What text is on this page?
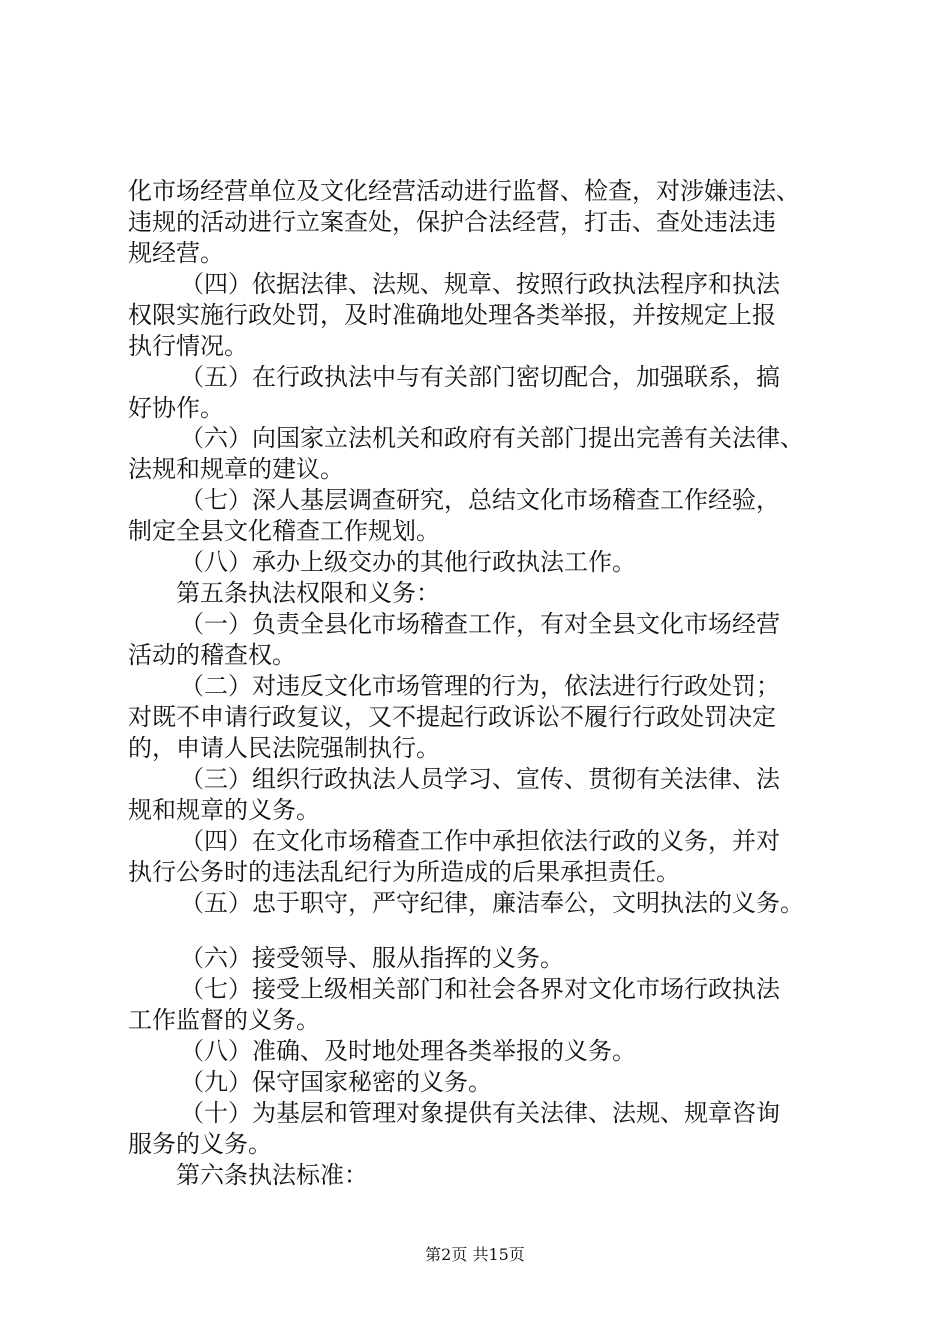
化市场经营单位及文化经营活动进行监督、检查，对涉嫌违法、
违规的活动进行立案查处，保护合法经营，打击、查处违法违
规经营。
（四）依据法律、法规、规章、按照行政执法程序和执法
权限实施行政处罚，及时准确地处理各类举报，并按规定上报
执行情况。
（五）在行政执法中与有关部门密切配合，加强联系，搞
好协作。
（六）向国家立法机关和政府有关部门提出完善有关法律、
法规和规章的建议。
（七）深人基层调查研究，总结文化市场稽查工作经验，
制定全县文化稽查工作规划。
（八）承办上级交办的其他行政执法工作。
第五条执法权限和义务：
（一）负责全县化市场稽查工作，有对全县文化市场经营
活动的稽查权。
（二）对违反文化市场管理的行为，依法进行行政处罚；
对既不申请行政复议，又不提起行政诉讼不履行行政处罚决定
的，申请人民法院强制执行。
（三）组织行政执法人员学习、宣传、贯彻有关法律、法
规和规章的义务。
（四）在文化市场稽查工作中承担依法行政的义务，并对
执行公务时的违法乱纪行为所造成的后果承担责任。
（五）忠于职守，严守纪律，廉洁奉公，文明执法的义务。
（六）接受领导、服从指挥的义务。
（七）接受上级相关部门和社会各界对文化市场行政执法
工作监督的义务。
（八）准确、及时地处理各类举报的义务。
（九）保守国家秘密的义务。
（十）为基层和管理对象提供有关法律、法规、规章咨询
服务的义务。
第六条执法标准：
第2页 共15页
